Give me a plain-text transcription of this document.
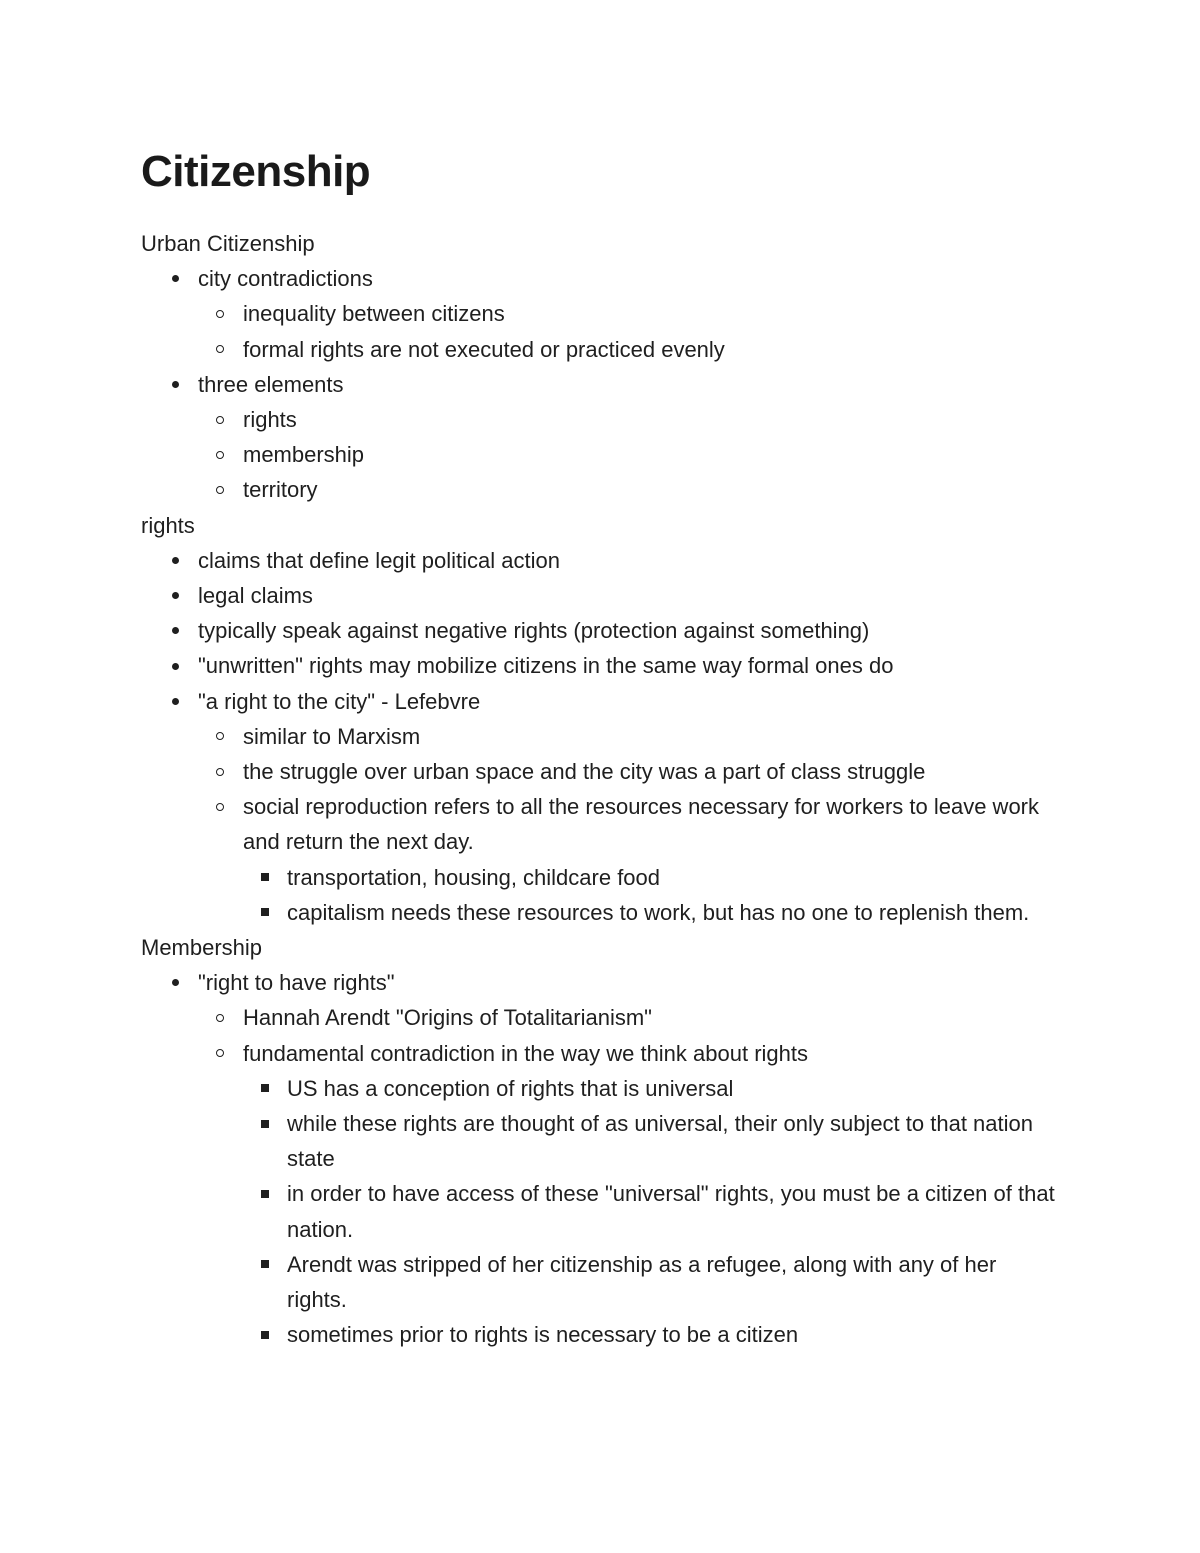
Citizenship

Urban Citizenship

city contradictions
inequality between citizens
formal rights are not executed or practiced evenly
three elements
rights
membership
territory

rights

claims that define legit political action
legal claims
typically speak against negative rights (protection against something)
"unwritten" rights may mobilize citizens in the same way formal ones do
"a right to the city" - Lefebvre
similar to Marxism
the struggle over urban space and the city was a part of class struggle
social reproduction refers to all the resources necessary for workers to leave work and return the next day.
transportation, housing, childcare food
capitalism needs these resources to work, but has no one to replenish them.

Membership

"right to have rights"
Hannah Arendt "Origins of Totalitarianism"
fundamental contradiction in the way we think about rights
US has a conception of rights that is universal
while these rights are thought of as universal, their only subject to that nation state
in order to have access of these "universal" rights, you must be a citizen of that nation.
Arendt was stripped of her citizenship as a refugee, along with any of her rights.
sometimes prior to rights is necessary to be a citizen
